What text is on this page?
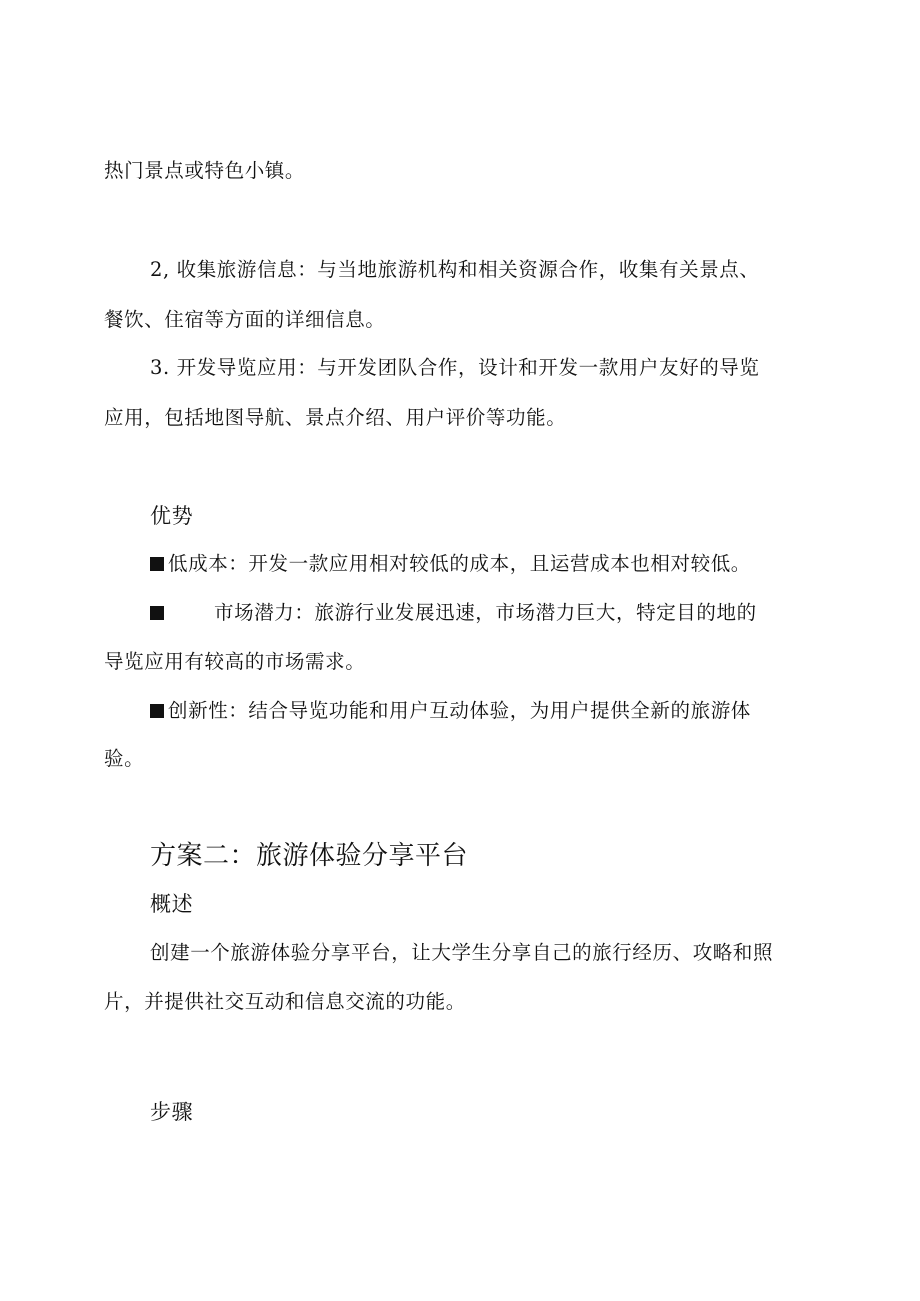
热门景点或特色小镇。
2, 收集旅游信息：与当地旅游机构和相关资源合作，收集有关景点、
餐饮、住宿等方面的详细信息。
3. 开发导览应用：与开发团队合作，设计和开发一款用户友好的导览
应用，包括地图导航、景点介绍、用户评价等功能。
优势
低成本：开发一款应用相对较低的成本，且运营成本也相对较低。
市场潜力：旅游行业发展迅速，市场潜力巨大，特定目的地的
导览应用有较高的市场需求。
创新性：结合导览功能和用户互动体验，为用户提供全新的旅游体
验。
方案二：旅游体验分享平台
概述
创建一个旅游体验分享平台，让大学生分享自己的旅行经历、攻略和照
片，并提供社交互动和信息交流的功能。
步骤
